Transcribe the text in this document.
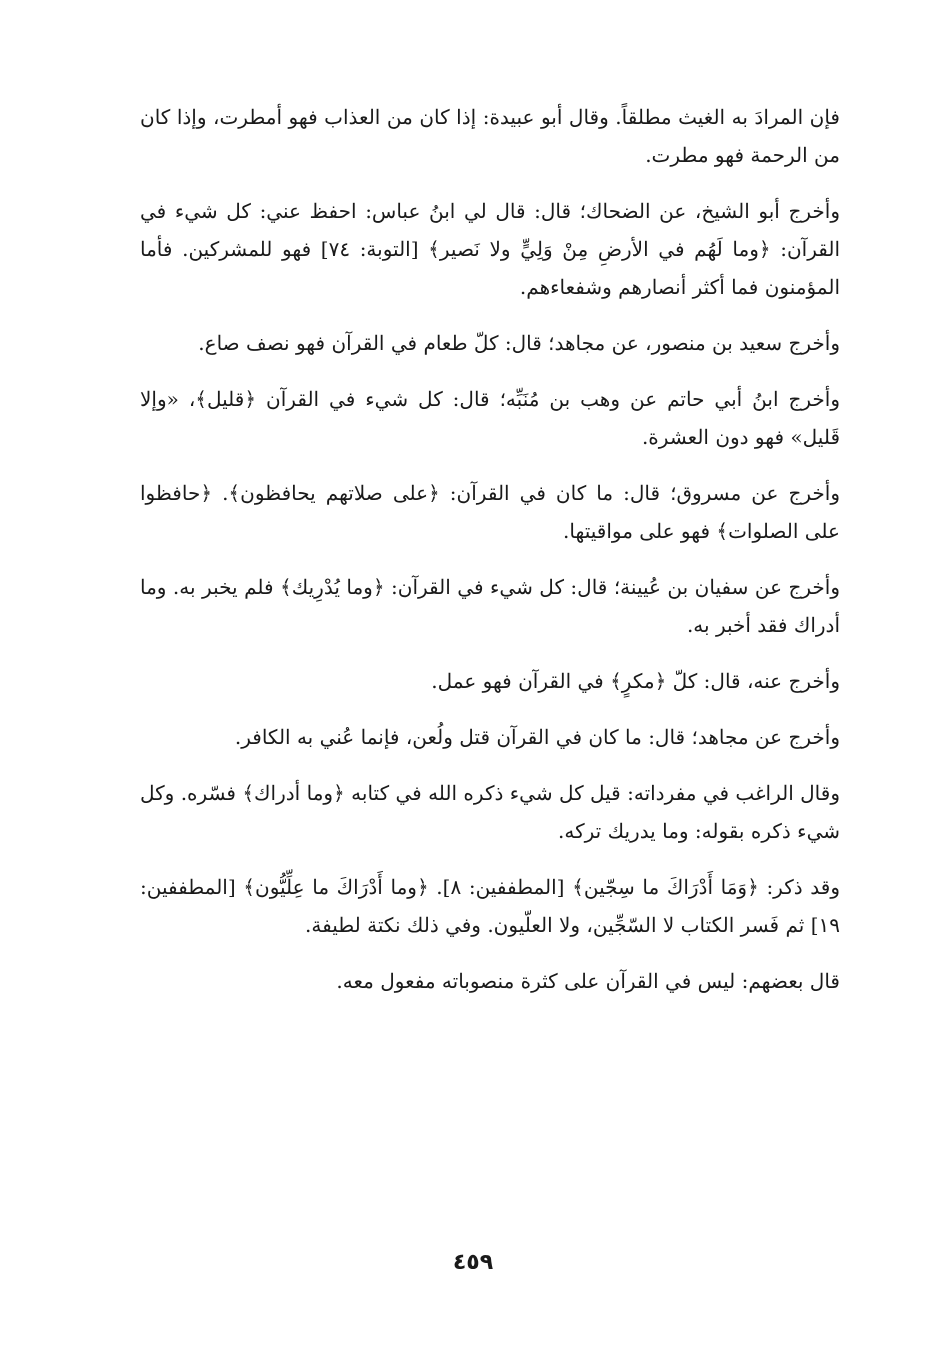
فإن المرادَ به الغيث مطلقاً. وقال أبو عبيدة: إذا كان من العذاب فهو أمطرت، وإذا كان من الرحمة فهو مطرت.

وأخرج أبو الشيخ، عن الضحاك؛ قال: قال لي ابنُ عباس: احفظ عني: كل شيء في القرآن: ﴿وما لَهُم في الأرضِ مِنْ وَلِيٍّ ولا نَصير﴾ [التوبة: ٧٤] فهو للمشركين. فأما المؤمنون فما أكثر أنصارهم وشفعاءهم.

وأخرج سعيد بن منصور، عن مجاهد؛ قال: كلّ طعام في القرآن فهو نصف صاع.

وأخرج ابنُ أبي حاتم عن وهب بن مُنَبِّه؛ قال: كل شيء في القرآن ﴿قليل﴾، «وإلا قَليل» فهو دون العشرة.

وأخرج عن مسروق؛ قال: ما كان في القرآن: ﴿على صلاتهم يحافظون﴾. ﴿حافظوا على الصلوات﴾ فهو على مواقيتها.

وأخرج عن سفيان بن عُيينة؛ قال: كل شيء في القرآن: ﴿وما يُدْرِيك﴾ فلم يخبر به. وما أدراك فقد أخبر به.

وأخرج عنه، قال: كلّ ﴿مكرٍ﴾ في القرآن فهو عمل.

وأخرج عن مجاهد؛ قال: ما كان في القرآن قتل ولُعن، فإنما عُني به الكافر.

وقال الراغب في مفرداته: قيل كل شيء ذكره الله في كتابه ﴿وما أدراك﴾ فسّره. وكل شيء ذكره بقوله: وما يدريك تركه.

وقد ذكر: ﴿وَمَا أَدْرَاكَ ما سِجّين﴾ [المطففين: ٨]. ﴿وما أَدْرَاكَ ما عِلِّيُّون﴾ [المطففين: ١٩] ثم فَسر الكتاب لا السّجِّين، ولا العلّيون. وفي ذلك نكتة لطيفة.

قال بعضهم: ليس في القرآن على كثرة منصوباته مفعول معه.

٤٥٩
